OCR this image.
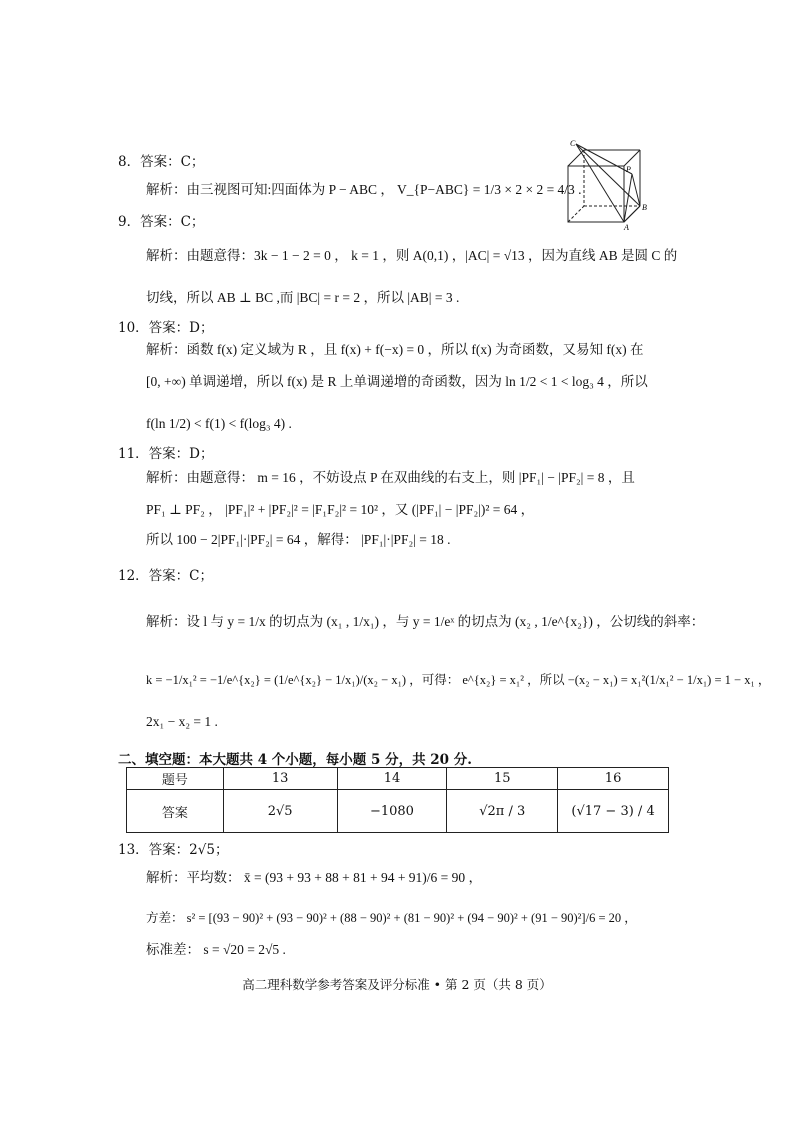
8．答案：C；
解析：由三视图可知:四面体为 P − ABC ， V_{P−ABC} = 1/3 × 2 × 2 = 4/3 .
C
P
B
A
9．答案：C；
解析：由题意得：3k − 1 − 2 = 0 ， k = 1 ，则 A(0,1) ，|AC| = √13 ，因为直线 AB 是圆 C 的
切线，所以 AB ⊥ BC ,而 |BC| = r = 2 ，所以 |AB| = 3 .
10．答案：D；
解析：函数 f(x) 定义域为 R ，且 f(x) + f(−x) = 0 ，所以 f(x) 为奇函数，又易知 f(x) 在
[0, +∞) 单调递增，所以 f(x) 是 R 上单调递增的奇函数，因为 ln 1/2 < 1 < log₃ 4 ，所以
f(ln 1/2) < f(1) < f(log₃ 4) .
11．答案：D；
解析：由题意得： m = 16 ，不妨设点 P 在双曲线的右支上，则 |PF₁| − |PF₂| = 8 ，且
PF₁ ⊥ PF₂ ， |PF₁|² + |PF₂|² = |F₁F₂|² = 10² ，又 (|PF₁| − |PF₂|)² = 64 ，
所以 100 − 2|PF₁|·|PF₂| = 64 ，解得： |PF₁|·|PF₂| = 18 .
12．答案：C；
解析：设 l 与 y = 1/x 的切点为 (x₁ , 1/x₁) ，与 y = 1/eˣ 的切点为 (x₂ , 1/e^{x₂}) ，公切线的斜率：
k = −1/x₁² = −1/e^{x₂} = (1/e^{x₂} − 1/x₁)/(x₂ − x₁) ，可得： e^{x₂} = x₁² ，所以 −(x₂ − x₁) = x₁²(1/x₁² − 1/x₁) = 1 − x₁ ，
2x₁ − x₂ = 1 .
二、填空题：本大题共 4 个小题，每小题 5 分，共 20 分.
题号	13	14	15	16
答案	2√5	−1080	√2π / 3	(√17 − 3) / 4
13．答案：2√5；
解析：平均数： x̄ = (93 + 93 + 88 + 81 + 94 + 91)/6 = 90 ，
方差： s² = [(93 − 90)² + (93 − 90)² + (88 − 90)² + (81 − 90)² + (94 − 90)² + (91 − 90)²]/6 = 20 ，
标准差： s = √20 = 2√5 .
高二理科数学参考答案及评分标准 • 第 2 页（共 8 页）
